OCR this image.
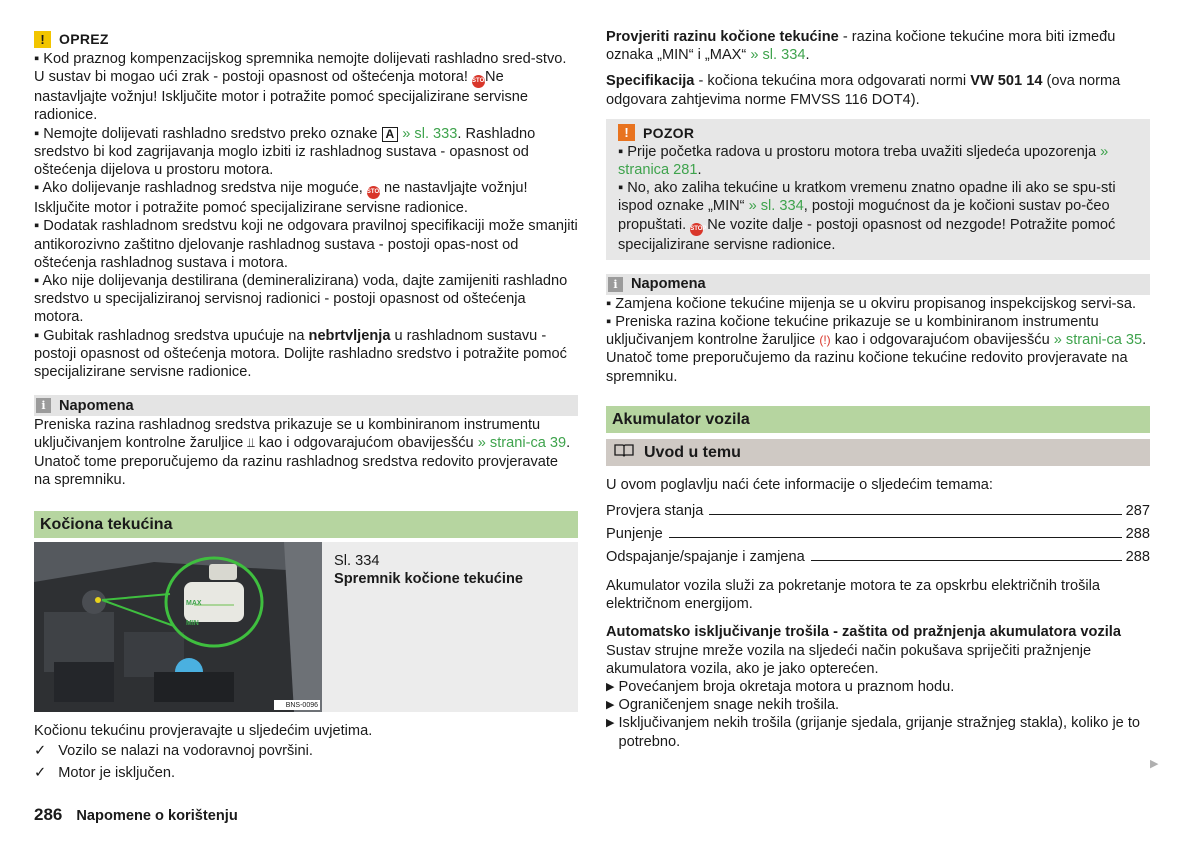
!	OPREZ

▪ Kod praznog kompenzacijskog spremnika nemojte dolijevati rashladno sred-stvo. U sustav bi mogao ući zrak - postoji opasnost od oštećenja motora! STOPNe nastavljajte vožnju! Isključite motor i potražite pomoć specijalizirane servisne radionice.

▪ Nemojte dolijevati rashladno sredstvo preko oznake A » sl. 333. Rashladno sredstvo bi kod zagrijavanja moglo izbiti iz rashladnog sustava - opasnost od oštećenja dijelova u prostoru motora.

▪ Ako dolijevanje rashladnog sredstva nije moguće, STOP ne nastavljajte vožnju! Isključite motor i potražite pomoć specijalizirane servisne radionice.

▪ Dodatak rashladnom sredstvu koji ne odgovara pravilnoj specifikaciji može smanjiti antikorozivno zaštitno djelovanje rashladnog sustava - postoji opas-nost od oštećenja rashladnog sustava i motora.

▪ Ako nije dolijevanja destilirana (demineralizirana) voda, dajte zamijeniti rashladno sredstvo u specijaliziranoj servisnoj radionici - postoji opasnost od oštećenja motora.

▪ Gubitak rashladnog sredstva upućuje na nebrtvljenja u rashladnom sustavu - postoji opasnost od oštećenja motora. Dolijte rashladno sredstvo i potražite pomoć specijalizirane servisne radionice.

i Napomena

Preniska razina rashladnog sredstva prikazuje se u kombiniranom instrumentu uključivanjem kontrolne žaruljice ⫫ kao i odgovarajućom obavijesšću » strani-ca 39. Unatoč tome preporučujemo da razinu rashladnog sredstva redovito provjeravate na spremniku.

Kočiona tekućina
MAX
MIN
BNS-0096

Sl. 334

Spremnik kočione tekućine

Kočionu tekućinu provjeravajte u sljedećim uvjetima.

✓ Vozilo se nalazi na vodoravnoj površini.
✓ Motor je isključen.

Provjeriti razinu kočione tekućine - razina kočione tekućine mora biti između oznaka „MIN“ i „MAX“ » sl. 334.

Specifikacija - kočiona tekućina mora odgovarati normi VW 501 14 (ova norma odgovara zahtjevima norme FMVSS 116 DOT4).

!	POZOR

▪ Prije početka radova u prostoru motora treba uvažiti sljedeća upozorenja » stranica 281.

▪ No, ako zaliha tekućine u kratkom vremenu znatno opadne ili ako se spu-sti ispod oznake „MIN“ » sl. 334, postoji mogućnost da je kočioni sustav po-čeo propuštati. STOP Ne vozite dalje - postoji opasnost od nezgode! Potražite pomoć specijalizirane servisne radionice.

i Napomena

▪ Zamjena kočione tekućine mijenja se u okviru propisanog inspekcijskog servi-sa.

▪ Preniska razina kočione tekućine prikazuje se u kombiniranom instrumentu uključivanjem kontrolne žaruljice (!) kao i odgovarajućom obavijesšću » strani-ca 35. Unatoč tome preporučujemo da razinu kočione tekućine redovito provjeravate na spremniku.

Akumulator vozila
Uvod u temu

U ovom poglavlju naći ćete informacije o sljedećim temama:

Provjera stanja	287
Punjenje	288
Odspajanje/spajanje i zamjena	288

Akumulator vozila služi za pokretanje motora te za opskrbu električnih trošila električnom energijom.

Automatsko isključivanje trošila - zaštita od pražnjenja akumulatora vozila

Sustav strujne mreže vozila na sljedeći način pokušava spriječiti pražnjenje akumulatora vozila, ako je jako opterećen.

▶ Povećanjem broja okretaja motora u praznom hodu.
▶ Ograničenjem snage nekih trošila.
▶ Isključivanjem nekih trošila (grijanje sjedala, grijanje stražnjeg stakla), koliko je to potrebno.
▶
286 Napomene o korištenju
